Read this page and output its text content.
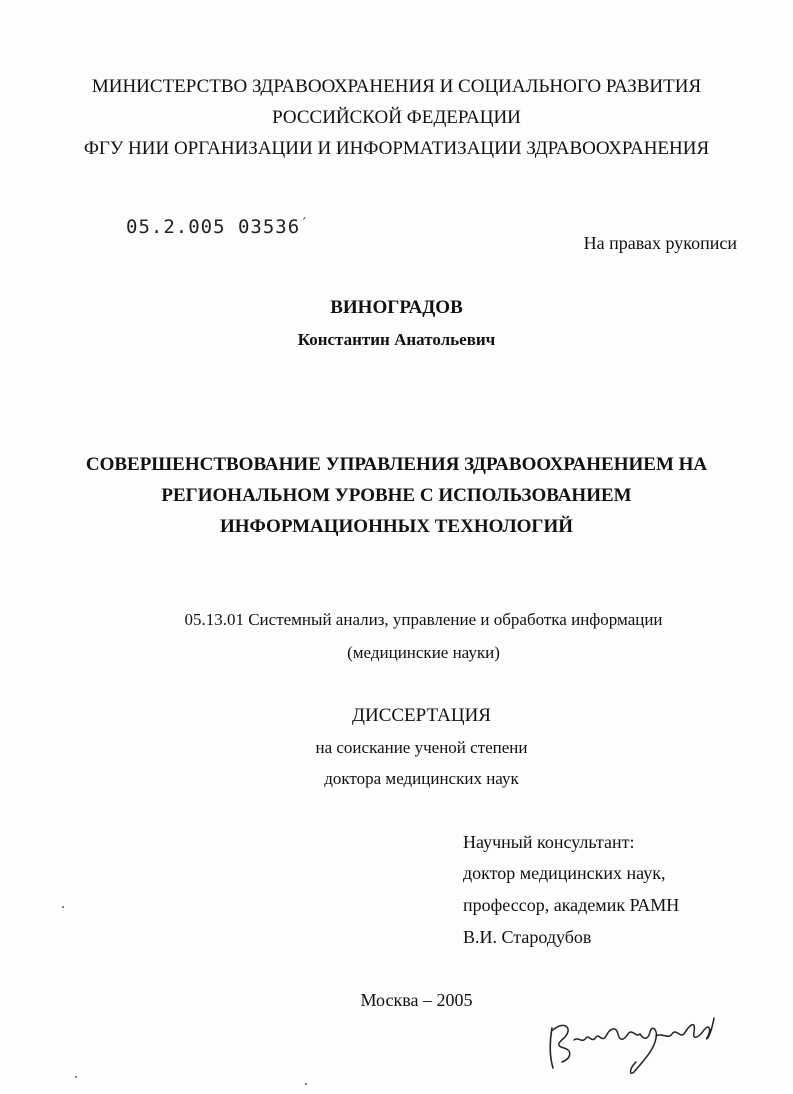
МИНИСТЕРСТВО ЗДРАВООХРАНЕНИЯ И СОЦИАЛЬНОГО РАЗВИТИЯ
РОССИЙСКОЙ ФЕДЕРАЦИИ
ФГУ НИИ ОРГАНИЗАЦИИ И ИНФОРМАТИЗАЦИИ ЗДРАВООХРАНЕНИЯ
05.2.005 03536´
На правах рукописи
ВИНОГРАДОВ
Константин Анатольевич
СОВЕРШЕНСТВОВАНИЕ УПРАВЛЕНИЯ ЗДРАВООХРАНЕНИЕМ НА
РЕГИОНАЛЬНОМ УРОВНЕ С ИСПОЛЬЗОВАНИЕМ
ИНФОРМАЦИОННЫХ ТЕХНОЛОГИЙ
05.13.01 Системный анализ, управление и обработка информации
(медицинские науки)
ДИССЕРТАЦИЯ
на соискание ученой степени
доктора медицинских наук
Научный консультант:
доктор медицинских наук,
профессор, академик РАМН
В.И. Стародубов
Москва – 2005
